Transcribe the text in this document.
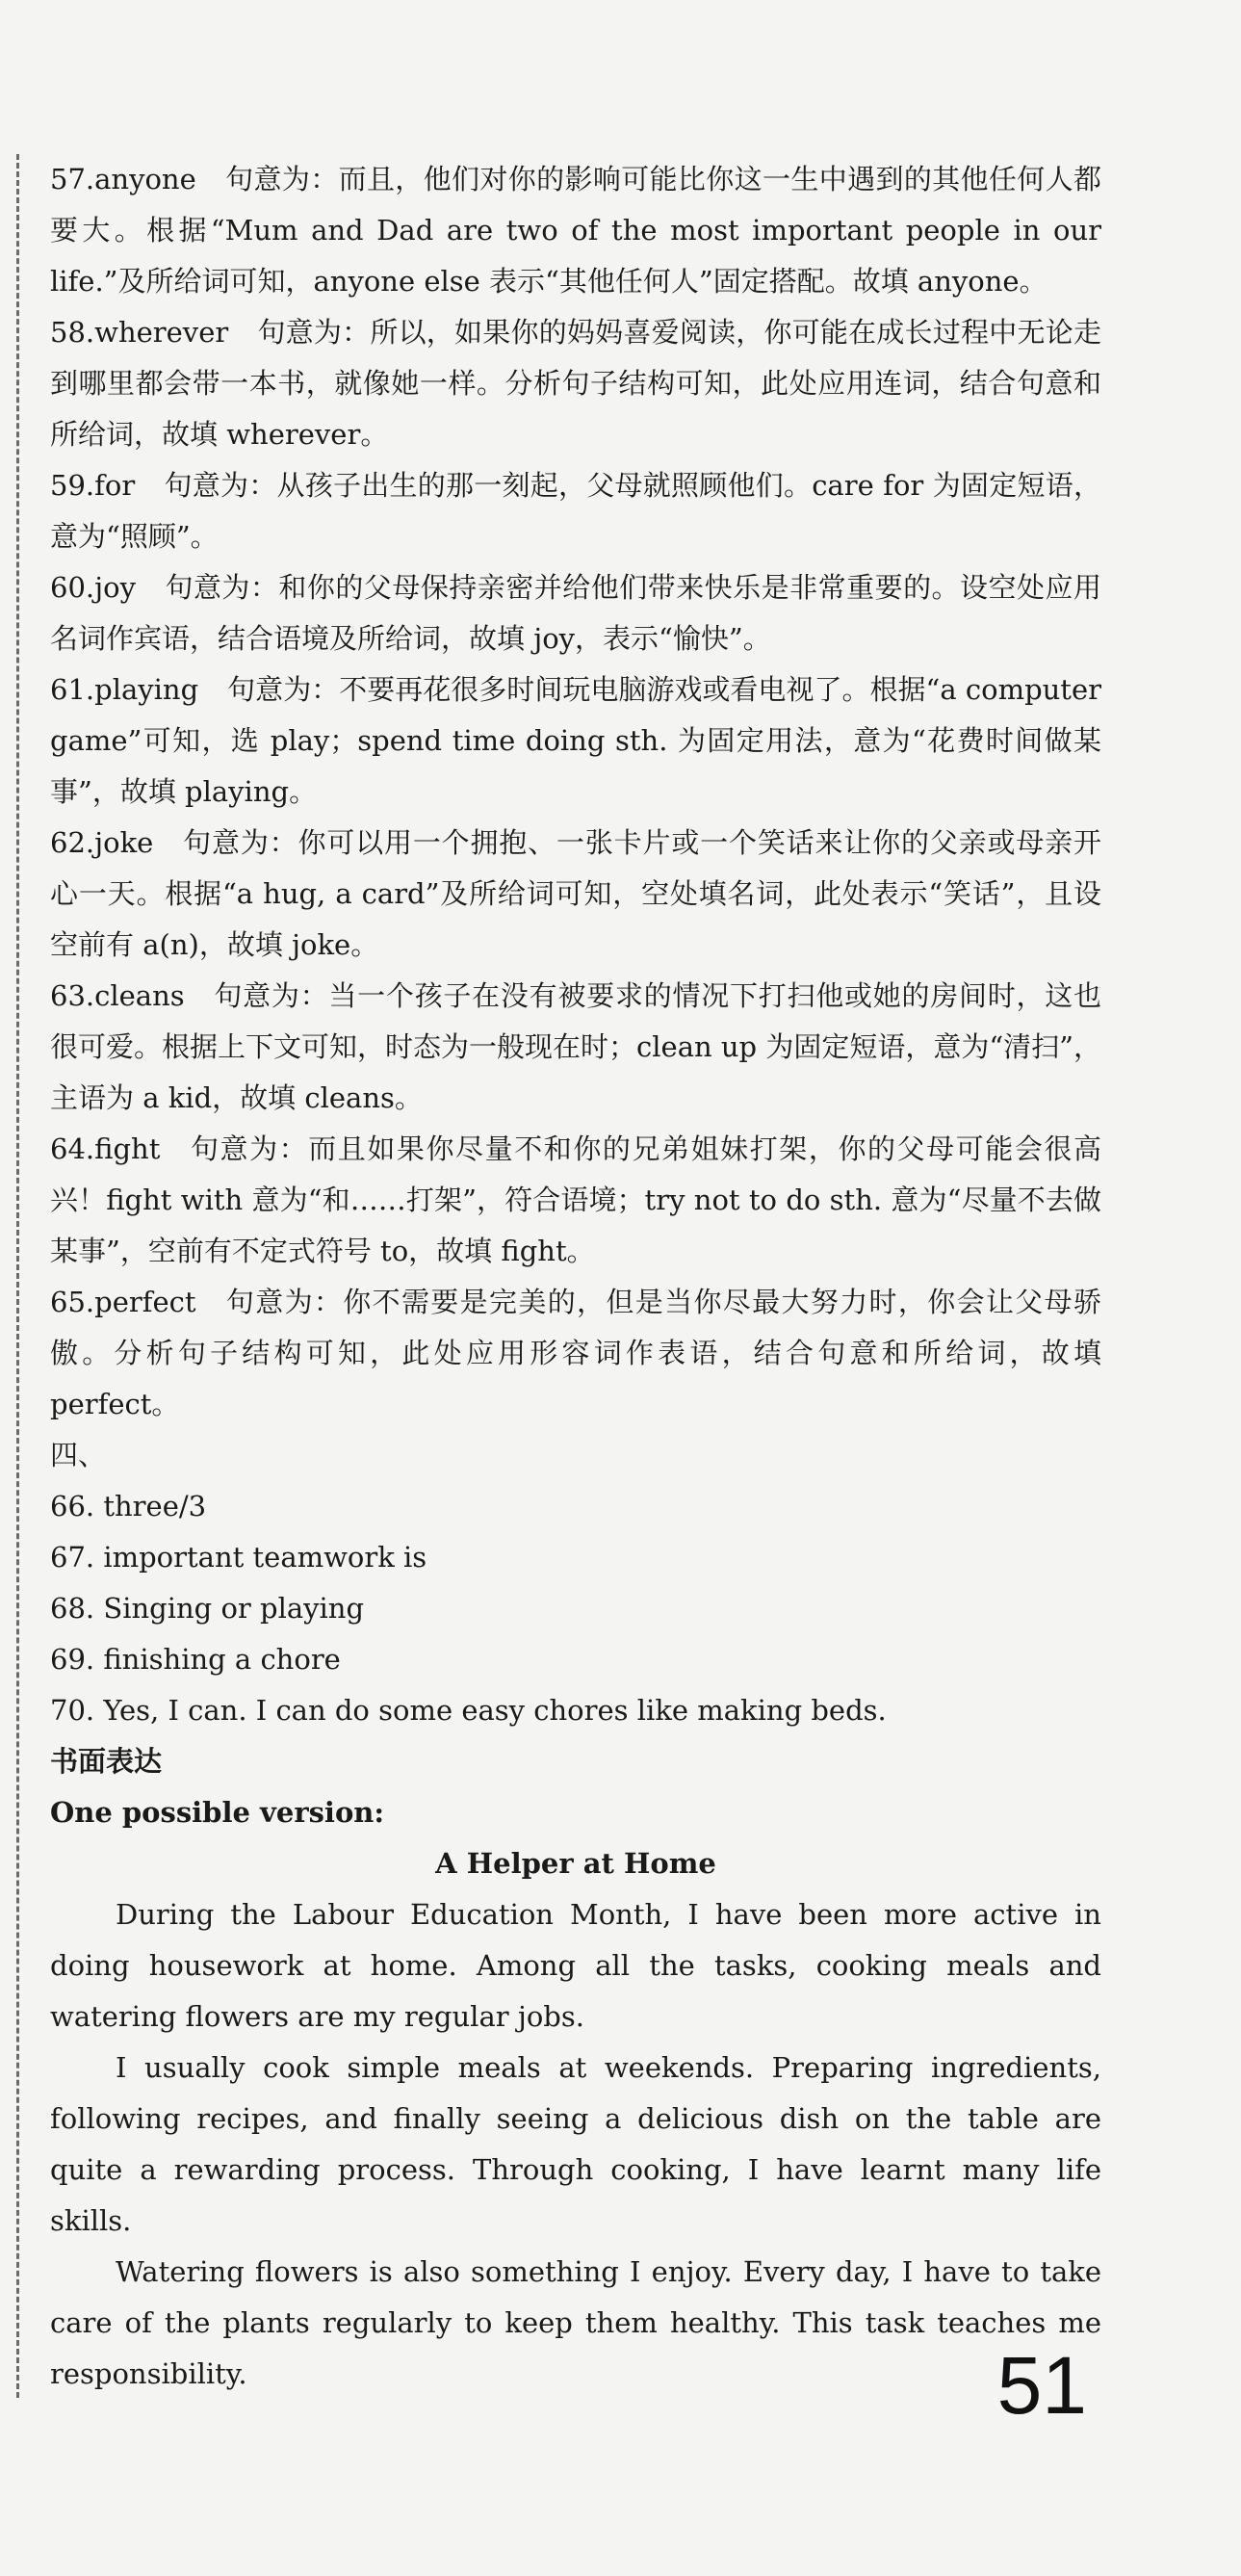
57.anyone 句意为：而且，他们对你的影响可能比你这一生中遇到的其他任何人都要大。根据“Mum and Dad are two of the most important people in our life.”及所给词可知，anyone else 表示“其他任何人”固定搭配。故填 anyone。

58.wherever 句意为：所以，如果你的妈妈喜爱阅读，你可能在成长过程中无论走到哪里都会带一本书，就像她一样。分析句子结构可知，此处应用连词，结合句意和所给词，故填 wherever。

59.for 句意为：从孩子出生的那一刻起，父母就照顾他们。care for 为固定短语，意为“照顾”。

60.joy 句意为：和你的父母保持亲密并给他们带来快乐是非常重要的。设空处应用名词作宾语，结合语境及所给词，故填 joy，表示“愉快”。

61.playing 句意为：不要再花很多时间玩电脑游戏或看电视了。根据“a computer game”可知，选 play；spend time doing sth. 为固定用法，意为“花费时间做某事”，故填 playing。

62.joke 句意为：你可以用一个拥抱、一张卡片或一个笑话来让你的父亲或母亲开心一天。根据“a hug, a card”及所给词可知，空处填名词，此处表示“笑话”，且设空前有 a(n)，故填 joke。

63.cleans 句意为：当一个孩子在没有被要求的情况下打扫他或她的房间时，这也很可爱。根据上下文可知，时态为一般现在时；clean up 为固定短语，意为“清扫”，主语为 a kid，故填 cleans。

64.fight 句意为：而且如果你尽量不和你的兄弟姐妹打架，你的父母可能会很高兴！fight with 意为“和……打架”，符合语境；try not to do sth. 意为“尽量不去做某事”，空前有不定式符号 to，故填 fight。

65.perfect 句意为：你不需要是完美的，但是当你尽最大努力时，你会让父母骄傲。分析句子结构可知，此处应用形容词作表语，结合句意和所给词，故填 perfect。

四、

66. three/3

67. important teamwork is

68. Singing or playing

69. finishing a chore

70. Yes, I can. I can do some easy chores like making beds.

书面表达

One possible version:

A Helper at Home

During the Labour Education Month, I have been more active in doing housework at home. Among all the tasks, cooking meals and watering flowers are my regular jobs.

I usually cook simple meals at weekends. Preparing ingredients, following recipes, and finally seeing a delicious dish on the table are quite a rewarding process. Through cooking, I have learnt many life skills.

Watering flowers is also something I enjoy. Every day, I have to take care of the plants regularly to keep them healthy. This task teaches me responsibility.	51
